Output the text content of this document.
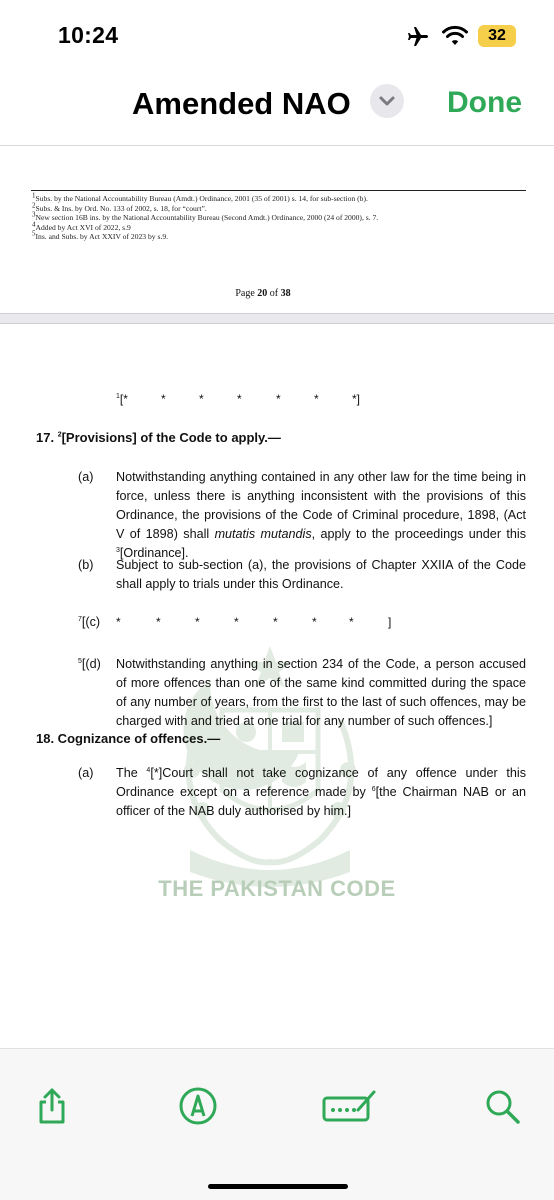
10:24	32
Amended NAO	Done
$^1$Subs. by the National Accountability Bureau (Amdt.) Ordinance, 2001 (35 of 2001) s. 14, for sub-section (b).
$^2$Subs. & Ins. by Ord. No. 133 of 2002, s. 18, for “court”.
$^3$New section 16B ins. by the National Accountability Bureau (Second Amdt.) Ordinance, 2000 (24 of 2000), s. 7.
$^4$Added by Act XVI of 2022, s.9
$^5$Ins. and Subs. by Act XXIV of 2023 by s.9.
Page 20 of 38
THE PAKISTAN CODE
$^1$ [*	*	*	*	*	*	*]
17. $^2$[Provisions] of the Code to apply.—
(a) Notwithstanding anything contained in any other law for the time being in force, unless there is anything inconsistent with the provisions of this Ordinance, the provisions of the Code of Criminal procedure, 1898, (Act V of 1898) shall mutatis mutandis, apply to the proceedings under this $^3$[Ordinance].
(b) Subject to sub-section (a), the provisions of Chapter XXIIA of the Code shall apply to trials under this Ordinance.
$^7$[(c) *	*	*	*	*	*	*	]
$^5$[(d) Notwithstanding anything in section 234 of the Code, a person accused of more offences than one of the same kind committed during the space of any number of years, from the first to the last of such offences, may be charged with and tried at one trial for any number of such offences.]
18. Cognizance of offences.—
(a) The $^4$[*]Court shall not take cognizance of any offence under this Ordinance except on a reference made by $^6$[the Chairman NAB or an officer of the NAB duly authorised by him.]
